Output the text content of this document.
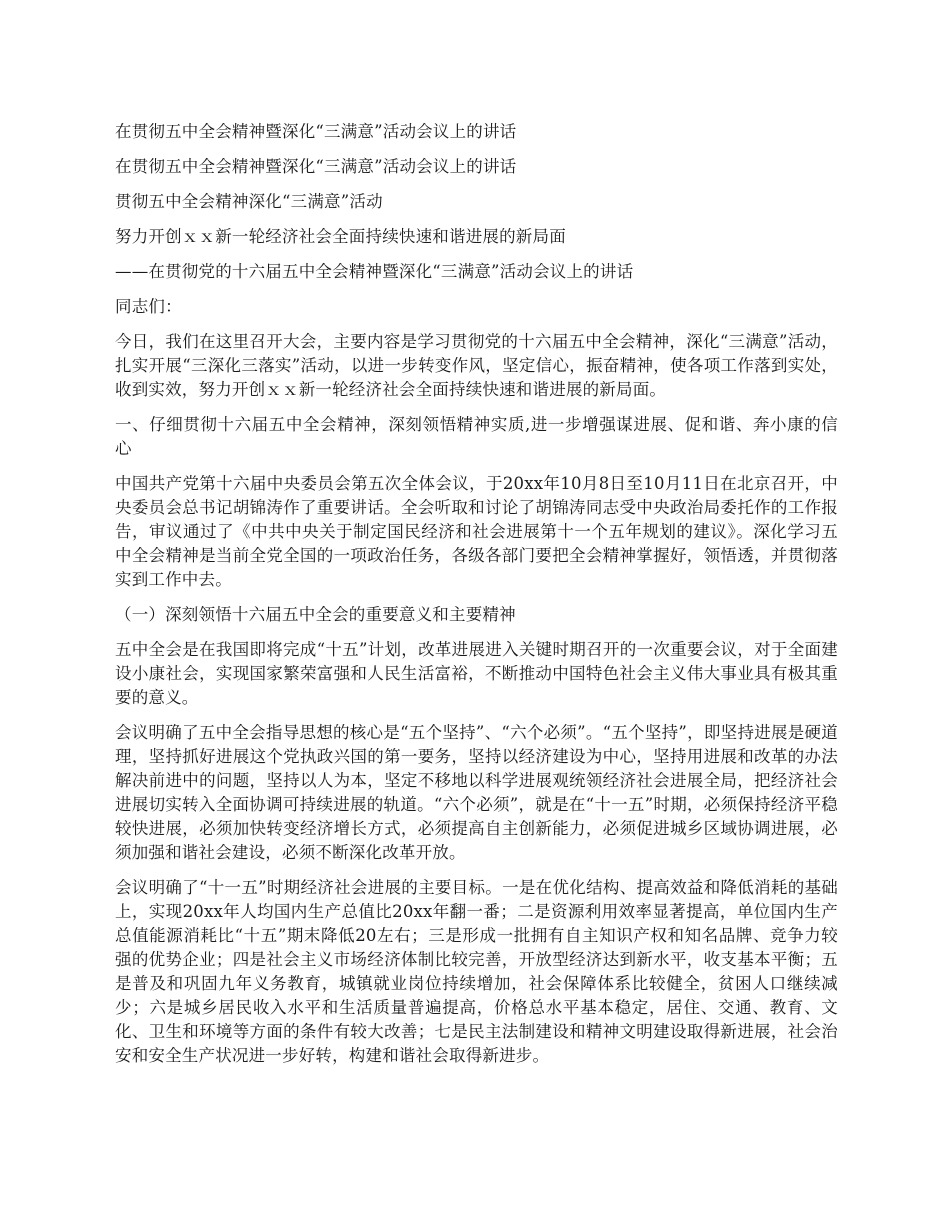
在贯彻五中全会精神暨深化“三满意”活动会议上的讲话

在贯彻五中全会精神暨深化“三满意”活动会议上的讲话

贯彻五中全会精神深化“三满意”活动

努力开创ｘｘ新一轮经济社会全面持续快速和谐进展的新局面

——在贯彻党的十六届五中全会精神暨深化“三满意”活动会议上的讲话

同志们：

今日，我们在这里召开大会，主要内容是学习贯彻党的十六届五中全会精神，深化“三满意”活动，扎实开展“三深化三落实”活动，以进一步转变作风，坚定信心，振奋精神，使各项工作落到实处，收到实效，努力开创ｘｘ新一轮经济社会全面持续快速和谐进展的新局面。

一、仔细贯彻十六届五中全会精神，深刻领悟精神实质,进一步增强谋进展、促和谐、奔小康的信心

中国共产党第十六届中央委员会第五次全体会议，于20xx年10月8日至10月11日在北京召开，中央委员会总书记胡锦涛作了重要讲话。全会听取和讨论了胡锦涛同志受中央政治局委托作的工作报告，审议通过了《中共中央关于制定国民经济和社会进展第十一个五年规划的建议》。深化学习五中全会精神是当前全党全国的一项政治任务，各级各部门要把全会精神掌握好，领悟透，并贯彻落实到工作中去。

（一）深刻领悟十六届五中全会的重要意义和主要精神

五中全会是在我国即将完成“十五”计划，改革进展进入关键时期召开的一次重要会议，对于全面建设小康社会，实现国家繁荣富强和人民生活富裕，不断推动中国特色社会主义伟大事业具有极其重要的意义。

会议明确了五中全会指导思想的核心是“五个坚持”、“六个必须”。“五个坚持”，即坚持进展是硬道理，坚持抓好进展这个党执政兴国的第一要务，坚持以经济建设为中心，坚持用进展和改革的办法解决前进中的问题，坚持以人为本，坚定不移地以科学进展观统领经济社会进展全局，把经济社会进展切实转入全面协调可持续进展的轨道。“六个必须”，就是在“十一五”时期，必须保持经济平稳较快进展，必须加快转变经济增长方式，必须提高自主创新能力，必须促进城乡区域协调进展，必须加强和谐社会建设，必须不断深化改革开放。

会议明确了“十一五”时期经济社会进展的主要目标。一是在优化结构、提高效益和降低消耗的基础上，实现20xx年人均国内生产总值比20xx年翻一番；二是资源利用效率显著提高，单位国内生产总值能源消耗比“十五”期末降低20左右；三是形成一批拥有自主知识产权和知名品牌、竞争力较强的优势企业；四是社会主义市场经济体制比较完善，开放型经济达到新水平，收支基本平衡；五是普及和巩固九年义务教育，城镇就业岗位持续增加，社会保障体系比较健全，贫困人口继续减少；六是城乡居民收入水平和生活质量普遍提高，价格总水平基本稳定，居住、交通、教育、文化、卫生和环境等方面的条件有较大改善；七是民主法制建设和精神文明建设取得新进展，社会治安和安全生产状况进一步好转，构建和谐社会取得新进步。
